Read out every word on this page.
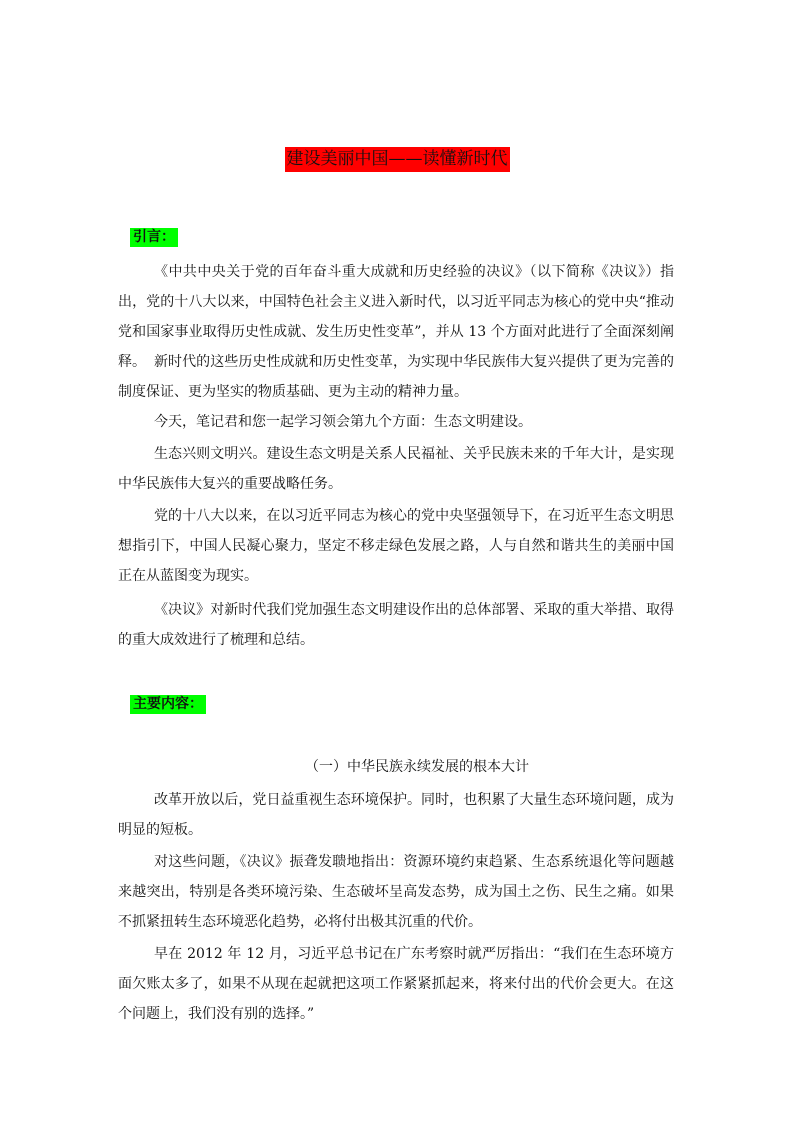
建设美丽中国——读懂新时代
引言：

《中共中央关于党的百年奋斗重大成就和历史经验的决议》（以下简称《决议》）指出，党的十八大以来，中国特色社会主义进入新时代，以习近平同志为核心的党中央“推动党和国家事业取得历史性成就、发生历史性变革”，并从 13 个方面对此进行了全面深刻阐释。 新时代的这些历史性成就和历史性变革，为实现中华民族伟大复兴提供了更为完善的制度保证、更为坚实的物质基础、更为主动的精神力量。

今天，笔记君和您一起学习领会第九个方面：生态文明建设。

生态兴则文明兴。建设生态文明是关系人民福祉、关乎民族未来的千年大计，是实现中华民族伟大复兴的重要战略任务。

党的十八大以来，在以习近平同志为核心的党中央坚强领导下，在习近平生态文明思想指引下，中国人民凝心聚力，坚定不移走绿色发展之路，人与自然和谐共生的美丽中国正在从蓝图变为现实。

《决议》对新时代我们党加强生态文明建设作出的总体部署、采取的重大举措、取得的重大成效进行了梳理和总结。

主要内容：
（一）中华民族永续发展的根本大计

改革开放以后，党日益重视生态环境保护。同时，也积累了大量生态环境问题，成为明显的短板。

对这些问题，《决议》振聋发聩地指出：资源环境约束趋紧、生态系统退化等问题越来越突出，特别是各类环境污染、生态破坏呈高发态势，成为国土之伤、民生之痛。如果不抓紧扭转生态环境恶化趋势，必将付出极其沉重的代价。

早在 2012 年 12 月，习近平总书记在广东考察时就严厉指出：“我们在生态环境方面欠账太多了，如果不从现在起就把这项工作紧紧抓起来，将来付出的代价会更大。在这个问题上，我们没有别的选择。”
